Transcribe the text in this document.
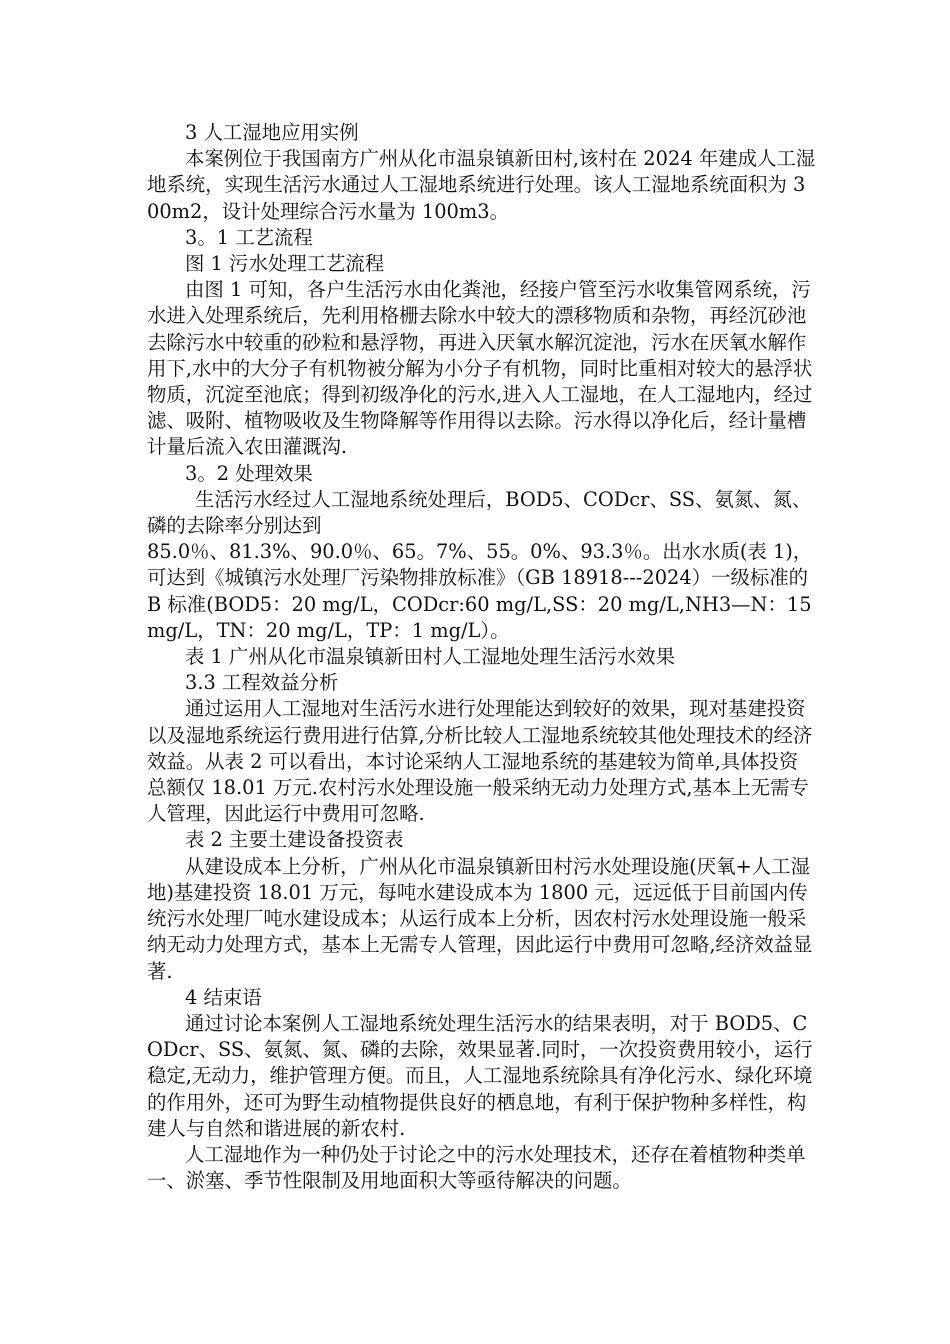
3 人工湿地应用实例

本案例位于我国南方广州从化市温泉镇新田村,该村在 2024 年建成人工湿地系统，实现生活污水通过人工湿地系统进行处理。该人工湿地系统面积为 300m2，设计处理综合污水量为 100m3。

3。1 工艺流程

图 1 污水处理工艺流程

由图 1 可知，各户生活污水由化粪池，经接户管至污水收集管网系统，污水进入处理系统后，先利用格栅去除水中较大的漂移物质和杂物，再经沉砂池去除污水中较重的砂粒和悬浮物，再进入厌氧水解沉淀池，污水在厌氧水解作用下,水中的大分子有机物被分解为小分子有机物，同时比重相对较大的悬浮状物质，沉淀至池底；得到初级净化的污水,进入人工湿地，在人工湿地内，经过滤、吸附、植物吸收及生物降解等作用得以去除。污水得以净化后，经计量槽计量后流入农田灌溉沟.

3。2 处理效果

生活污水经过人工湿地系统处理后，BOD5、CODcr、SS、氨氮、氮、磷的去除率分别达到

85.0％、81.3%、90.0％、65。7%、55。0%、93.3％。出水水质(表 1)，可达到《城镇污水处理厂污染物排放标准》（GB 18918---2024）一级标准的 B 标准(BOD5：20 mg/L，CODcr:60 mg/L,SS：20 mg/L,NH3—N：15 mg/L，TN：20 mg/L，TP：1 mg/L）。

表 1 广州从化市温泉镇新田村人工湿地处理生活污水效果

3.3 工程效益分析

通过运用人工湿地对生活污水进行处理能达到较好的效果，现对基建投资以及湿地系统运行费用进行估算,分析比较人工湿地系统较其他处理技术的经济效益。从表 2 可以看出，本讨论采纳人工湿地系统的基建较为简单,具体投资总额仅 18.01 万元.农村污水处理设施一般采纳无动力处理方式,基本上无需专人管理，因此运行中费用可忽略.

表 2 主要土建设备投资表

从建设成本上分析，广州从化市温泉镇新田村污水处理设施(厌氧+人工湿地)基建投资 18.01 万元，每吨水建设成本为 1800 元，远远低于目前国内传统污水处理厂吨水建设成本；从运行成本上分析，因农村污水处理设施一般采纳无动力处理方式，基本上无需专人管理，因此运行中费用可忽略,经济效益显著.

4 结束语

通过讨论本案例人工湿地系统处理生活污水的结果表明，对于 BOD5、CODcr、SS、氨氮、氮、磷的去除，效果显著.同时，一次投资费用较小，运行稳定,无动力，维护管理方便。而且，人工湿地系统除具有净化污水、绿化环境的作用外，还可为野生动植物提供良好的栖息地，有利于保护物种多样性，构建人与自然和谐进展的新农村.

人工湿地作为一种仍处于讨论之中的污水处理技术，还存在着植物种类单一、淤塞、季节性限制及用地面积大等亟待解决的问题。
